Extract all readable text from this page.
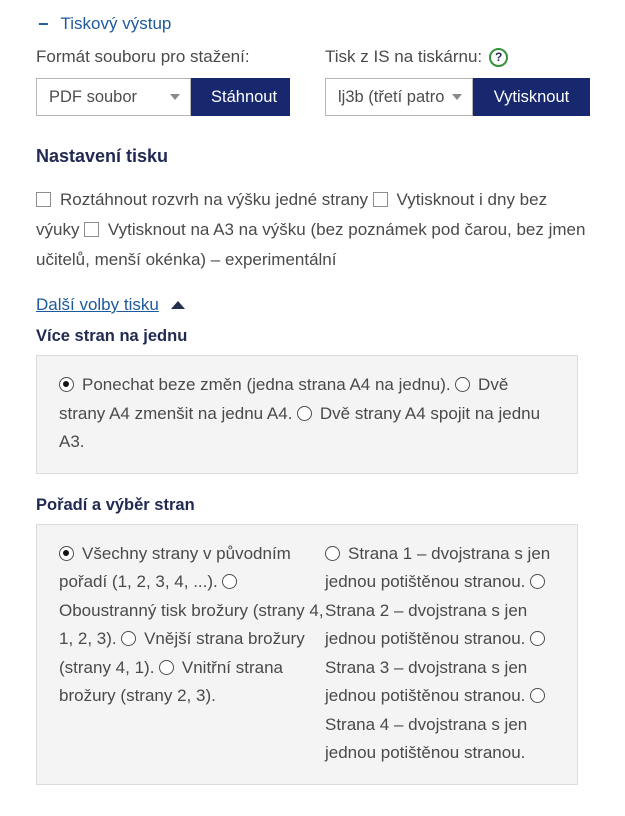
− Tiskový výstup
Formát souboru pro stažení:
PDF soubor	Stáhnout
Tisk z IS na tiskárnu:	?
lj3b (třetí patro	Vytisknout
Nastavení tisku
Roztáhnout rozvrh na výšku jedné strany Vytisknout i dny bez výuky Vytisknout na A3 na výšku (bez poznámek pod čarou, bez jmen učitelů, menší okénka) – experimentální
Další volby tisku
Více stran na jednu
Ponechat beze změn (jedna strana A4 na jednu). Dvě strany A4 zmenšit na jednu A4. Dvě strany A4 spojit na jednu A3.
Pořadí a výběr stran
Všechny strany v původním pořadí (1, 2, 3, 4, ...). Oboustranný tisk brožury (strany 4, 1, 2, 3). Vnější strana brožury (strany 4, 1). Vnitřní strana brožury (strany 2, 3).
Strana 1 – dvojstrana s jen jednou potištěnou stranou. Strana 2 – dvojstrana s jen jednou potištěnou stranou. Strana 3 – dvojstrana s jen jednou potištěnou stranou. Strana 4 – dvojstrana s jen jednou potištěnou stranou.
